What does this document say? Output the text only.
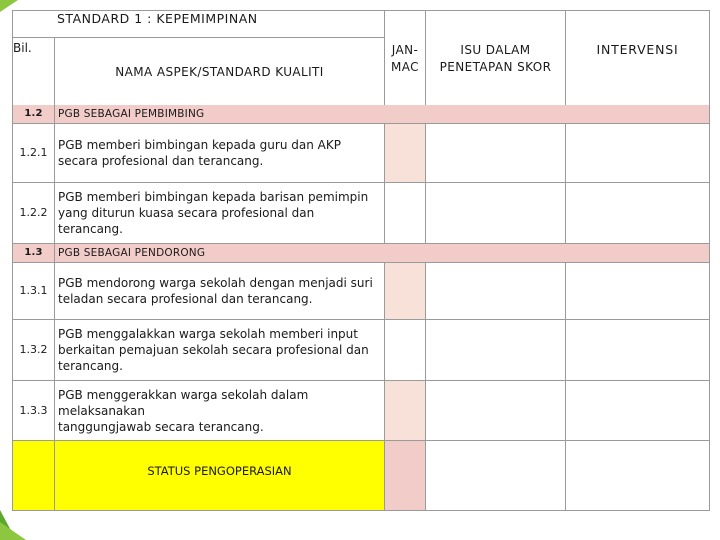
STANDARD 1 : KEPEMIMPINAN
JAN-
MAC
ISU DALAM
PENETAPAN SKOR
INTERVENSI
Bil.
NAMA ASPEK/STANDARD KUALITI
1.2	PGB SEBAGAI PEMBIMBING
1.2.1
PGB memberi bimbingan kepada guru dan AKP
secara profesional dan terancang.
1.2.2
PGB memberi bimbingan kepada barisan pemimpin
yang diturun kuasa secara profesional dan
terancang.
1.3	PGB SEBAGAI PENDORONG
1.3.1
PGB mendorong warga sekolah dengan menjadi suri
teladan secara profesional dan terancang.
1.3.2
PGB menggalakkan warga sekolah memberi input
berkaitan pemajuan sekolah secara profesional dan
terancang.
1.3.3
PGB menggerakkan warga sekolah dalam
melaksanakan
tanggungjawab secara terancang.
STATUS PENGOPERASIAN
